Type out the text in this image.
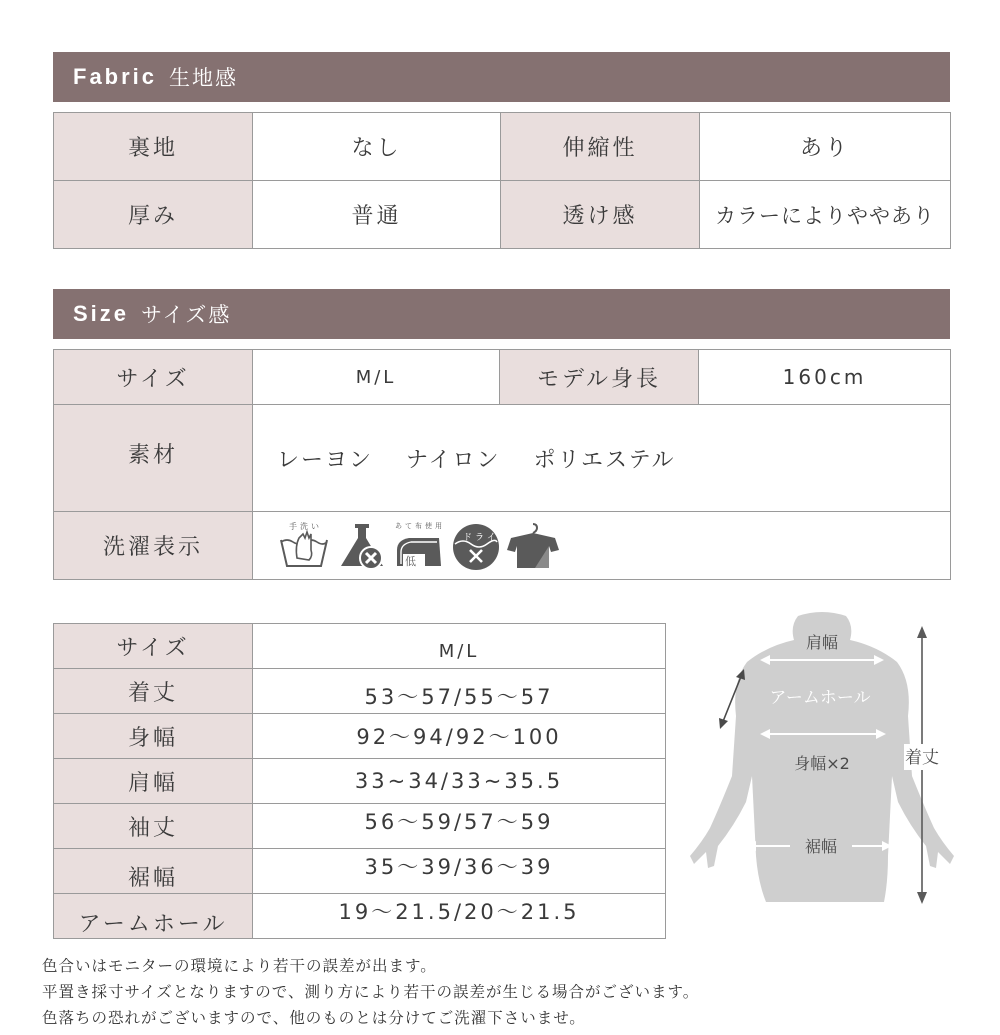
Fabric 生地感
裏地	なし	伸縮性	あり
厚み	普通	透け感	カラーによりややあり
Size サイズ感
サイズ	M/L	モデル身長	160cm
素材	レーヨン ナイロン ポリエステル		
洗濯表示	手洗い あて布使用
低
ドライ		
サイズ	M/L
着丈	53〜57/55〜57
身幅	92〜94/92〜100
肩幅	33~34/33~35.5
袖丈	56〜59/57〜59
裾幅	35〜39/36〜39
アームホール	19〜21.5/20〜21.5
肩幅
アームホール
身幅×2
裾幅
着丈
色合いはモニターの環境により若干の誤差が出ます。
平置き採寸サイズとなりますので、測り方により若干の誤差が生じる場合がございます。
色落ちの恐れがございますので、他のものとは分けてご洗濯下さいませ。
